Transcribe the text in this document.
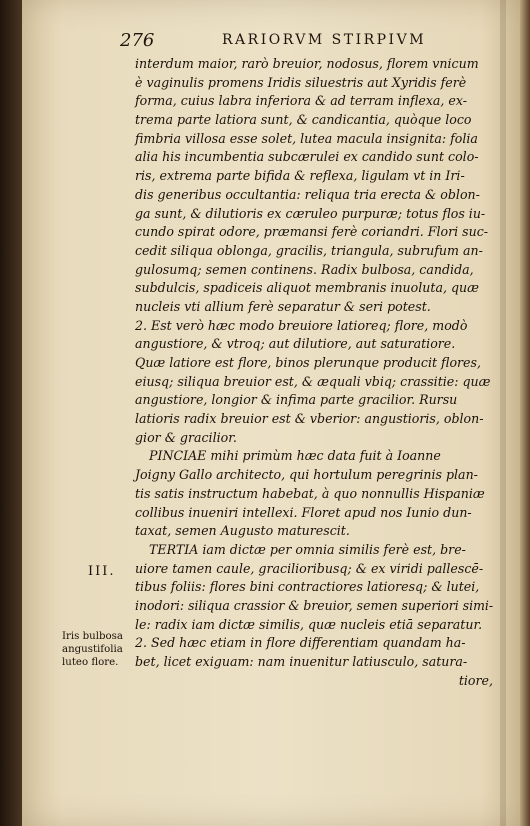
276	RARIORVM STIRPIVM
III.
Iris bulbosa
angustifolia
luteo flore.
interdum maior, rarò breuior, nodosus, florem vnicum
è vaginulis promens Iridis siluestris aut Xyridis ferè
forma, cuius labra inferiora & ad terram inflexa, ex-
trema parte latiora sunt, & candicantia, quòque loco
fimbria villosa esse solet, lutea macula insignita: folia
alia his incumbentia subcærulei ex candido sunt colo-
ris, extrema parte bifida & reflexa, ligulam vt in Iri-
dis generibus occultantia: reliqua tria erecta & oblon-
ga sunt, & dilutioris ex cæruleo purpuræ; totus flos iu-
cundo spirat odore, præmansi ferè coriandri. Flori suc-
cedit siliqua oblonga, gracilis, triangula, subrufum an-
gulosumq; semen continens. Radix bulbosa, candida,
subdulcis, spadiceis aliquot membranis inuoluta, quæ
nucleis vti allium ferè separatur & seri potest.
2. Est verò hæc modo breuiore latioreq; flore, modò
angustiore, & vtroq; aut dilutiore, aut saturatiore.
Quæ latiore est flore, binos plerunque producit flores,
eiusq; siliqua breuior est, & æquali vbiq; crassitie: quæ
angustiore, longior & infima parte gracilior. Rursu
latioris radix breuior est & vberior: angustioris, oblon-
gior & gracilior.
PINCIAE mihi primùm hæc data fuit à Ioanne
Joigny Gallo architecto, qui hortulum peregrinis plan-
tis satis instructum habebat, à quo nonnullis Hispaniæ
collibus inueniri intellexi. Floret apud nos Iunio dun-
taxat, semen Augusto maturescit.
TERTIA iam dictæ per omnia similis ferè est, bre-
uiore tamen caule, gracilioribusq; & ex viridi pallescē-
tibus foliis: flores bini contractiores latioresq; & lutei,
inodori: siliqua crassior & breuior, semen superiori simi-
le: radix iam dictæ similis, quæ nucleis etiā separatur.
2. Sed hæc etiam in flore differentiam quandam ha-
bet, licet exiguam: nam inuenitur latiusculo, satura-
tiore,
